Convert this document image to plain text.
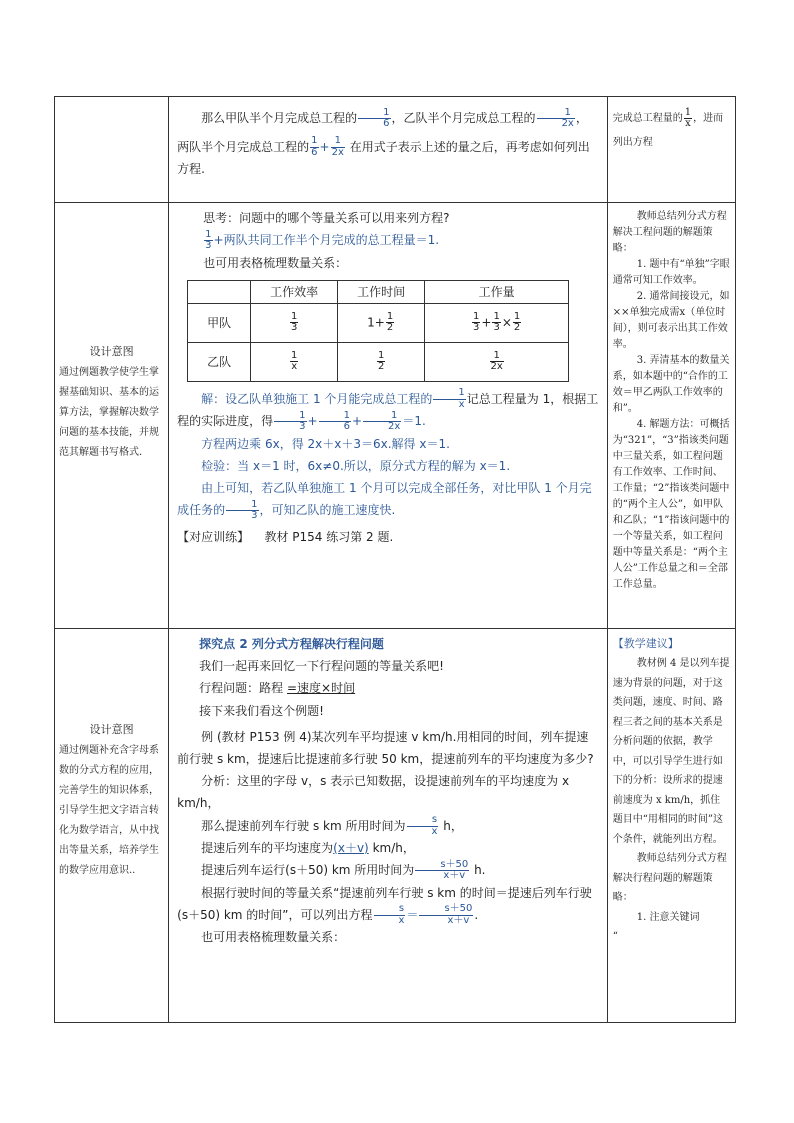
那么甲队半个月完成总工程的 $\frac{1}{6}$ ，乙队半个月完成总工程的 $\frac{1}{2x}$ ，

两队半个月完成总工程的 $\frac{1}{6} + \frac{1}{2x}$ 在用式子表示上述的量之后，再考虑如何列出方程.

完成总工程量的 $\frac{1}{x}$ ，进而列出方程

设计意图

通过例题教学使学生掌握基础知识、基本的运算方法，掌握解决数学问题的基本技能，并规范其解题书写格式.

思考：问题中的哪个等量关系可以用来列方程?

$\frac{1}{3}$ +两队共同工作半个月完成的总工程量＝1.

也可用表格梳理数量关系：

	工作效率	工作时间	工作量
甲队	$\frac{1}{3}$	$1+ \frac{1}{2}$	$\frac{1}{3} + \frac{1}{3} \times \frac{1}{2}$

乙队	$\frac{1}{x}$	$\frac{1}{2}$	$\frac{1}{2x}$

解：设乙队单独施工 1 个月能完成总工程的 $\frac{1}{x}$ 记总工程量为 1，根据工程的实际进度，得 $\frac{1}{3} + \frac{1}{6} + \frac{1}{2x} =1$.

方程两边乘 6x，得 2x＋x＋3＝6x.解得 x＝1.

检验：当 x＝1 时，6x≠0.所以，原分式方程的解为 x＝1.

由上可知，若乙队单独施工 1 个月可以完成全部任务，对比甲队 1 个月完成任务的 $\frac{1}{3}$ ，可知乙队的施工速度快.

【对应训练】 教材 P154 练习第 2 题.

教师总结列分式方程解决工程问题的解题策略：

1. 题中有“单独”字眼通常可知工作效率。

2. 通常间接设元，如××单独完成需x（单位时间），则可表示出其工作效率。

3. 弄清基本的数量关系，如本题中的“合作的工效＝甲乙两队工作效率的和”。

4. 解题方法：可概括为“321”，“3”指该类问题中三量关系，如工程问题有工作效率、工作时间、工作量；“2”指该类问题中的“两个主人公”，如甲队和乙队；“1”指该问题中的一个等量关系，如工程问题中等量关系是：“两个主人公”工作总量之和＝全部工作总量。

设计意图

通过例题补充含字母系数的分式方程的应用，完善学生的知识体系，引导学生把文字语言转化为数学语言，从中找出等量关系，培养学生的数学应用意识..

探究点 2 列分式方程解决行程问题

我们一起再来回忆一下行程问题的等量关系吧!

行程问题：路程 =速度×时间

接下来我们看这个例题!

例 (教材 P153 例 4)某次列车平均提速 v km/h.用相同的时间，列车提速前行驶 s km，提速后比提速前多行驶 50 km，提速前列车的平均速度为多少?

分析：这里的字母 v，s 表示已知数据，设提速前列车的平均速度为 x km/h，

那么提速前列车行驶 s km 所用时间为 $\frac{s}{x}$ h，

提速后列车的平均速度为(x＋v) km/h，

提速后列车运行(s＋50) km 所用时间为 $\frac{s+50}{x+v} h$.

根据行驶时间的等量关系“提速前列车行驶 s km 的时间＝提速后列车行驶(s＋50) km 的时间”，可以列出方程 $\frac{s}{x} = \frac{s+50}{x+v}$ .

也可用表格梳理数量关系：

【教学建议】

教材例 4 是以列车提速为背景的问题，对于这类问题，速度、时间、路程三者之间的基本关系是分析问题的依据，教学中，可以引导学生进行如下的分析：设所求的提速前速度为 x km/h，抓住题目中“用相同的时间”这个条件，就能列出方程。

教师总结列分式方程解决行程问题的解题策略：

1. 注意关键词

“
